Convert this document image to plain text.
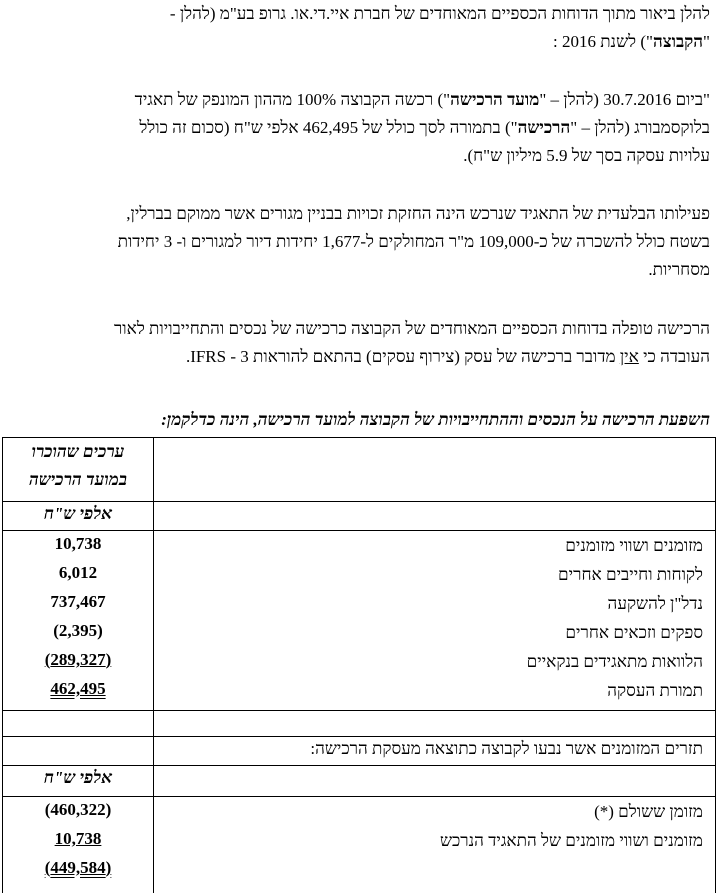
להלן ביאור מתוך הדוחות הכספיים המאוחדים של חברת איי.די.או. גרופ בע"מ (להלן -
"הקבוצה") לשנת 2016 :

"ביום 30.7.2016 (להלן – "מועד הרכישה") רכשה הקבוצה 100% מההון המונפק של תאגיד
בלוקסמבורג (להלן – "הרכישה") בתמורה לסך כולל של 462,495 אלפי ש"ח (סכום זה כולל
עלויות עסקה בסך של 5.9 מיליון ש"ח).

פעילותו הבלעדית של התאגיד שנרכש הינה החזקת זכויות בבניין מגורים אשר ממוקם בברלין,
בשטח כולל להשכרה של כ-109,000 מ"ר המחולקים ל-1,677 יחידות דיור למגורים ו- 3 יחידות
מסחריות.

הרכישה טופלה בדוחות הכספיים המאוחדים של הקבוצה כרכישה של נכסים והתחייבויות לאור
העובדה כי אין מדובר ברכישה של עסק (צירוף עסקים) בהתאם להוראות 3 - IFRS.

השפעת הרכישה על הנכסים וההתחייבויות של הקבוצה למועד הרכישה, הינה כדלקמן:

ערכים שהוכרו
במועד הרכישה
אלפי ש"ח
10,738	מזומנים ושווי מזומנים
6,012	לקוחות וחייבים אחרים
737,467	נדל"ן להשקעה
(2,395)	ספקים וזכאים אחרים
(289,327)	הלוואות מתאגידים בנקאיים
462,495	תמורת העסקה
תזרים המזומנים אשר נבעו לקבוצה כתוצאה מעסקת הרכישה:
אלפי ש"ח
(460,322)	מזומן ששולם (*)
10,738	מזומנים ושווי מזומנים של התאגיד הנרכש
(449,584)
